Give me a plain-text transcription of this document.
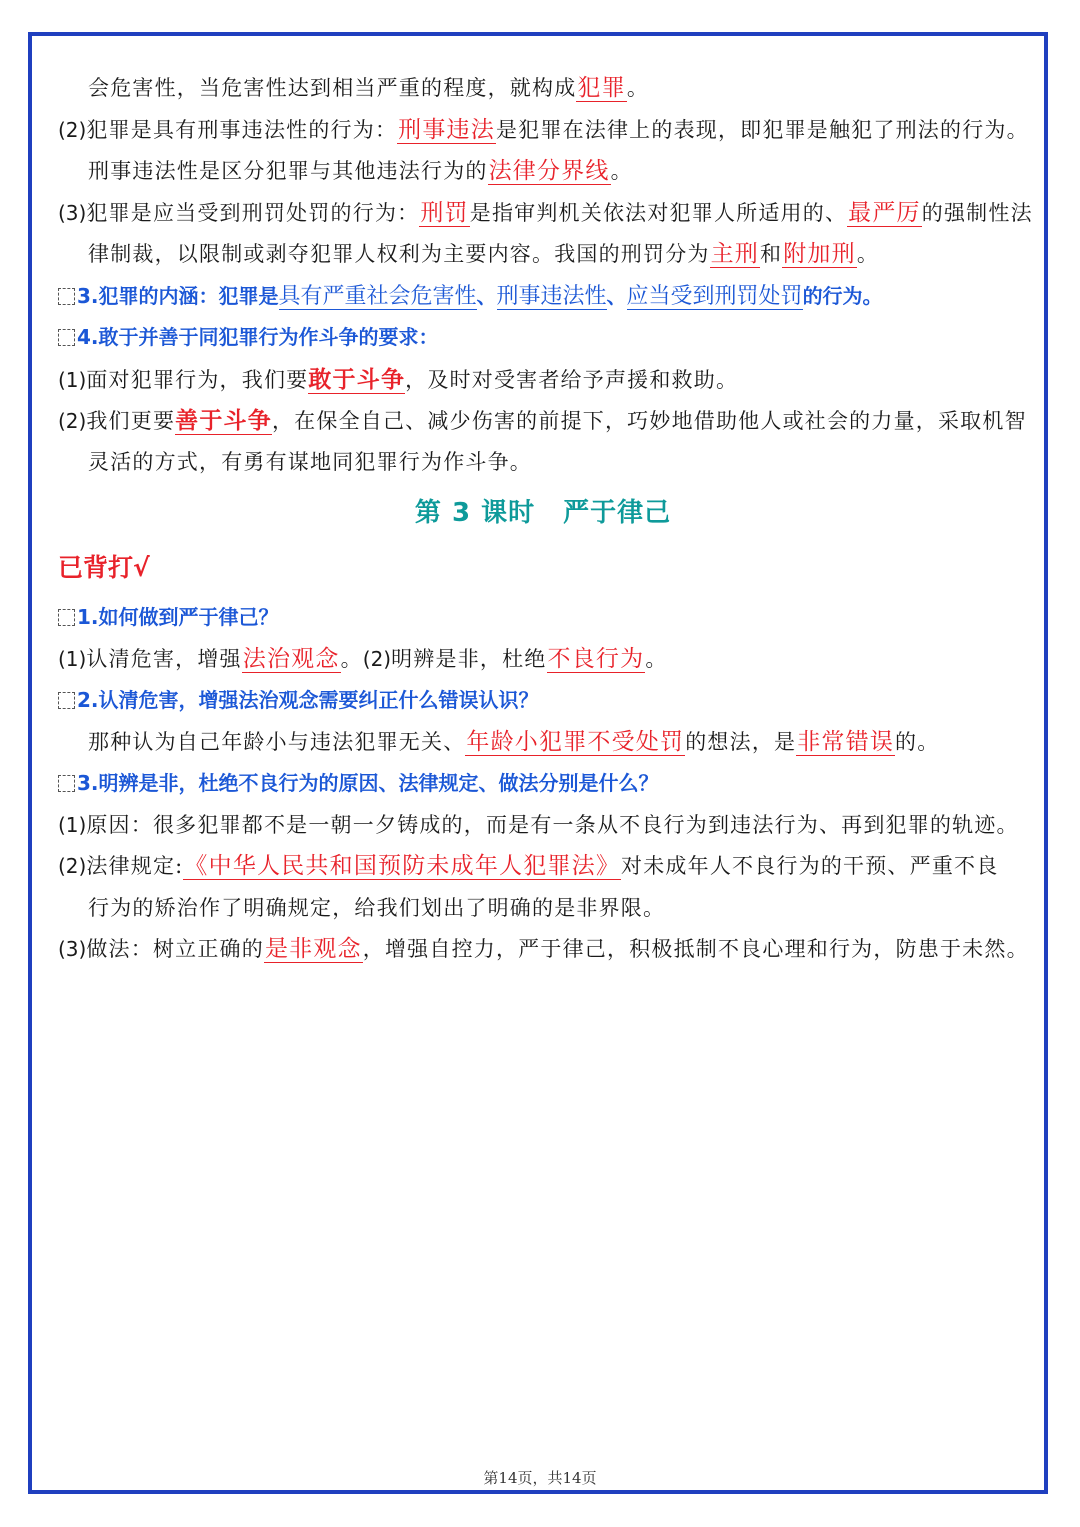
会危害性，当危害性达到相当严重的程度，就构成犯罪。
(2)犯罪是具有刑事违法性的行为：刑事违法是犯罪在法律上的表现，即犯罪是触犯了刑法的行为。
刑事违法性是区分犯罪与其他违法行为的法律分界线。
(3)犯罪是应当受到刑罚处罚的行为：刑罚是指审判机关依法对犯罪人所适用的、最严厉的强制性法
律制裁，以限制或剥夺犯罪人权利为主要内容。我国的刑罚分为主刑和附加刑。
3.犯罪的内涵：犯罪是具有严重社会危害性、刑事违法性、应当受到刑罚处罚的行为。
4.敢于并善于同犯罪行为作斗争的要求：
(1)面对犯罪行为，我们要敢于斗争，及时对受害者给予声援和救助。
(2)我们更要善于斗争，在保全自己、减少伤害的前提下，巧妙地借助他人或社会的力量，采取机智
灵活的方式，有勇有谋地同犯罪行为作斗争。
第 3 课时 严于律己
已背打√
1.如何做到严于律己？
(1)认清危害，增强法治观念。(2)明辨是非，杜绝不良行为。
2.认清危害，增强法治观念需要纠正什么错误认识？
那种认为自己年龄小与违法犯罪无关、年龄小犯罪不受处罚的想法，是非常错误的。
3.明辨是非，杜绝不良行为的原因、法律规定、做法分别是什么？
(1)原因：很多犯罪都不是一朝一夕铸成的，而是有一条从不良行为到违法行为、再到犯罪的轨迹。
(2)法律规定:《中华人民共和国预防未成年人犯罪法》对未成年人不良行为的干预、严重不良
行为的矫治作了明确规定，给我们划出了明确的是非界限。
(3)做法：树立正确的是非观念，增强自控力，严于律己，积极抵制不良心理和行为，防患于未然。
第14页，共14页
